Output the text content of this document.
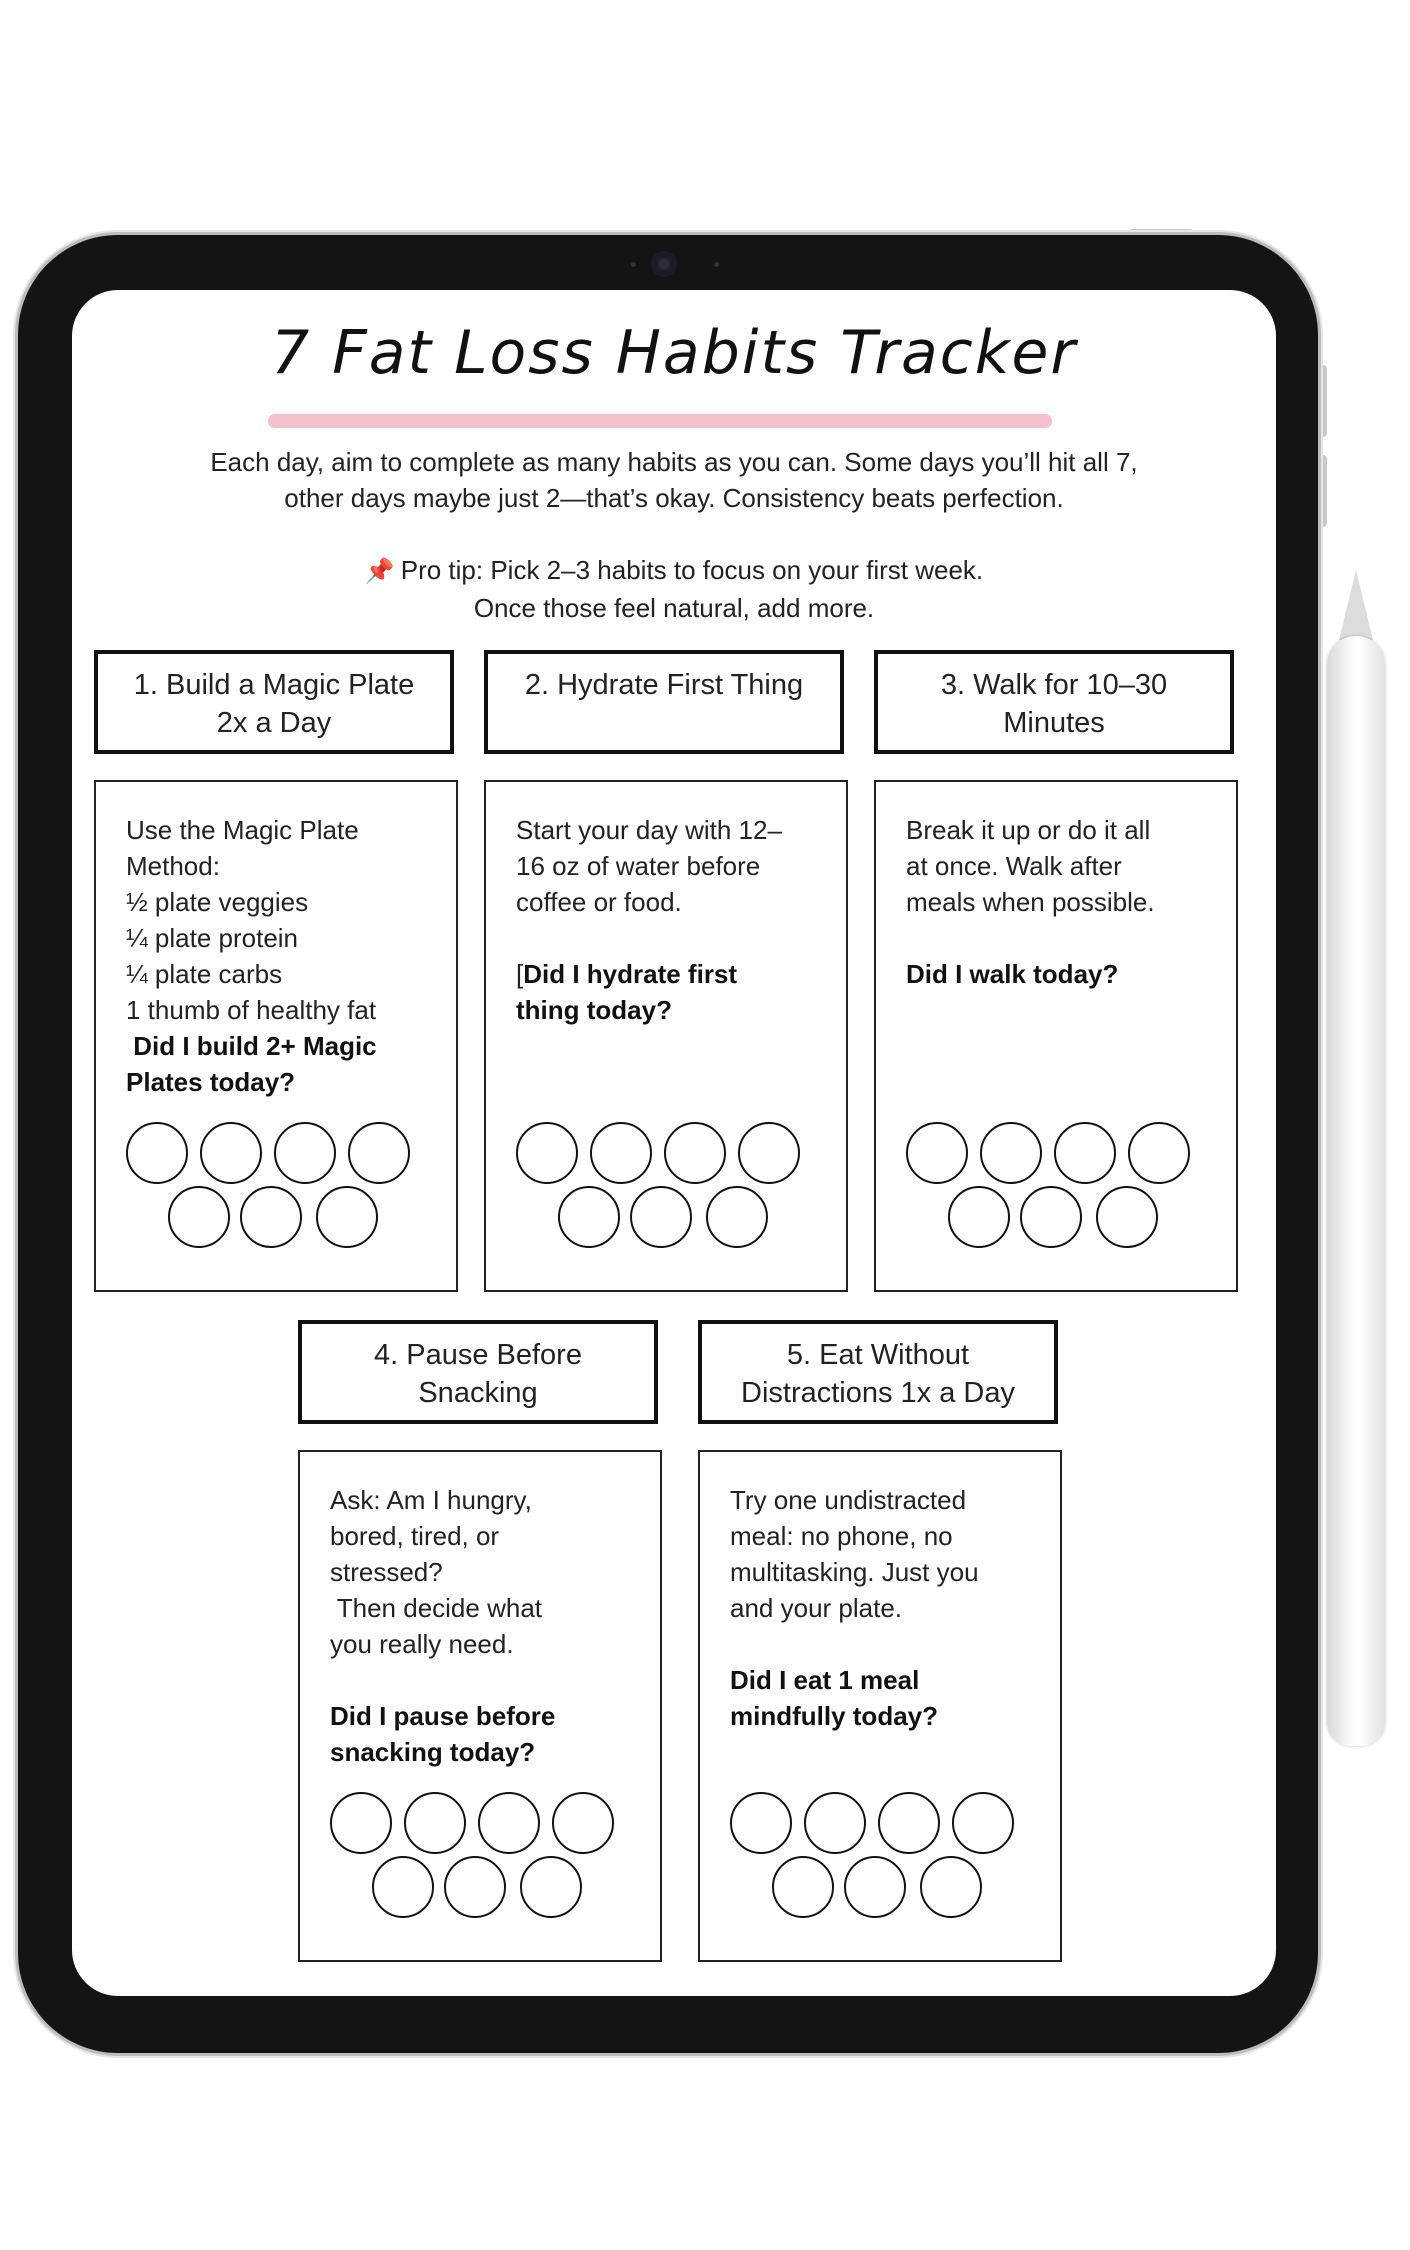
7 Fat Loss Habits Tracker
Each day, aim to complete as many habits as you can. Some days you’ll hit all 7,
other days maybe just 2—that’s okay. Consistency beats perfection.
📌 Pro tip: Pick 2–3 habits to focus on your first week.
Once those feel natural, add more.
1. Build a Magic Plate
2x a Day
Use the Magic Plate
Method:
½ plate veggies
¼ plate protein
¼ plate carbs
1 thumb of healthy fat
Did I build 2+ Magic
Plates today?
2. Hydrate First Thing
Start your day with 12–
16 oz of water before
coffee or food.
[Did I hydrate first
thing today?
3. Walk for 10–30
Minutes
Break it up or do it all
at once. Walk after
meals when possible.
Did I walk today?
4. Pause Before
Snacking
Ask: Am I hungry,
bored, tired, or
stressed?
Then decide what
you really need.
Did I pause before
snacking today?
5. Eat Without
Distractions 1x a Day
Try one undistracted
meal: no phone, no
multitasking. Just you
and your plate.
Did I eat 1 meal
mindfully today?
